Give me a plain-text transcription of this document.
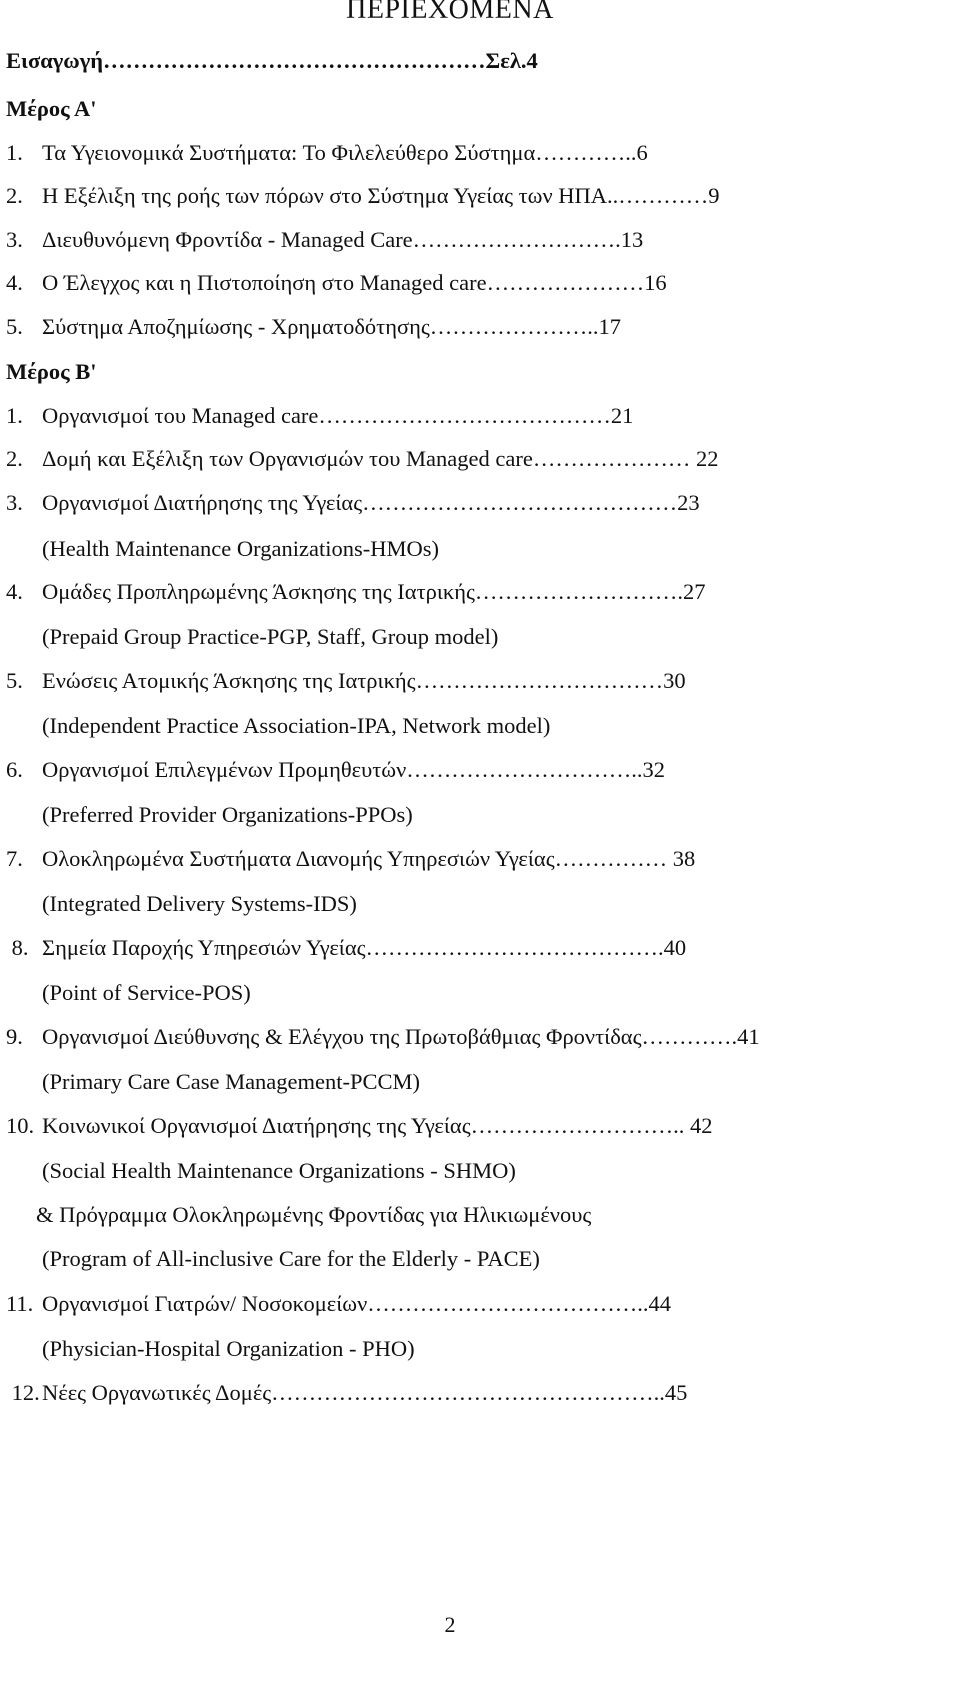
ΠΕΡΙΕΧΟΜΕΝΑ
Εισαγωγή……………………………………………Σελ.4
Μέρος Α'
1. Τα Υγειονομικά Συστήματα: Το Φιλελεύθερο Σύστημα…………..6
2. Η Εξέλιξη της ροής των πόρων στο Σύστημα Υγείας των ΗΠΑ..…………9
3. Διευθυνόμενη Φροντίδα - Managed Care……………………….13
4. Ο Έλεγχος και η Πιστοποίηση στο Managed care…………………16
5. Σύστημα Αποζημίωσης - Χρηματοδότησης…………………..17
Μέρος Β'
1. Οργανισμοί του Managed care…………………………………21
2. Δομή και Εξέλιξη των Οργανισμών του Managed care………………… 22
3. Οργανισμοί Διατήρησης της Υγείας……………………………………23
(Health Maintenance Organizations-HMOs)
4. Ομάδες Προπληρωμένης Άσκησης της Ιατρικής……………………….27
(Prepaid Group Practice-PGP, Staff, Group model)
5. Ενώσεις Ατομικής Άσκησης της Ιατρικής……………………………30
(Independent Practice Association-IPA, Network model)
6. Οργανισμοί Επιλεγμένων Προμηθευτών…………………………..32
(Preferred Provider Organizations-PPOs)
7. Ολοκληρωμένα Συστήματα Διανομής Υπηρεσιών Υγείας…………… 38
(Integrated Delivery Systems-IDS)
8. Σημεία Παροχής Υπηρεσιών Υγείας………………………………….40
(Point of Service-POS)
9. Οργανισμοί Διεύθυνσης & Ελέγχου της Πρωτοβάθμιας Φροντίδας………….41
(Primary Care Case Management-PCCM)
10. Κοινωνικοί Οργανισμοί Διατήρησης της Υγείας……………………….. 42
(Social Health Maintenance Organizations - SHMO)
& Πρόγραμμα Ολοκληρωμένης Φροντίδας για Ηλικιωμένους
(Program of All-inclusive Care for the Elderly - PACE)
11. Οργανισμοί Γιατρών/ Νοσοκομείων………………………………..44
(Physician-Hospital Organization - PHO)
12. Νέες Οργανωτικές Δομές……………………………………………..45
2
